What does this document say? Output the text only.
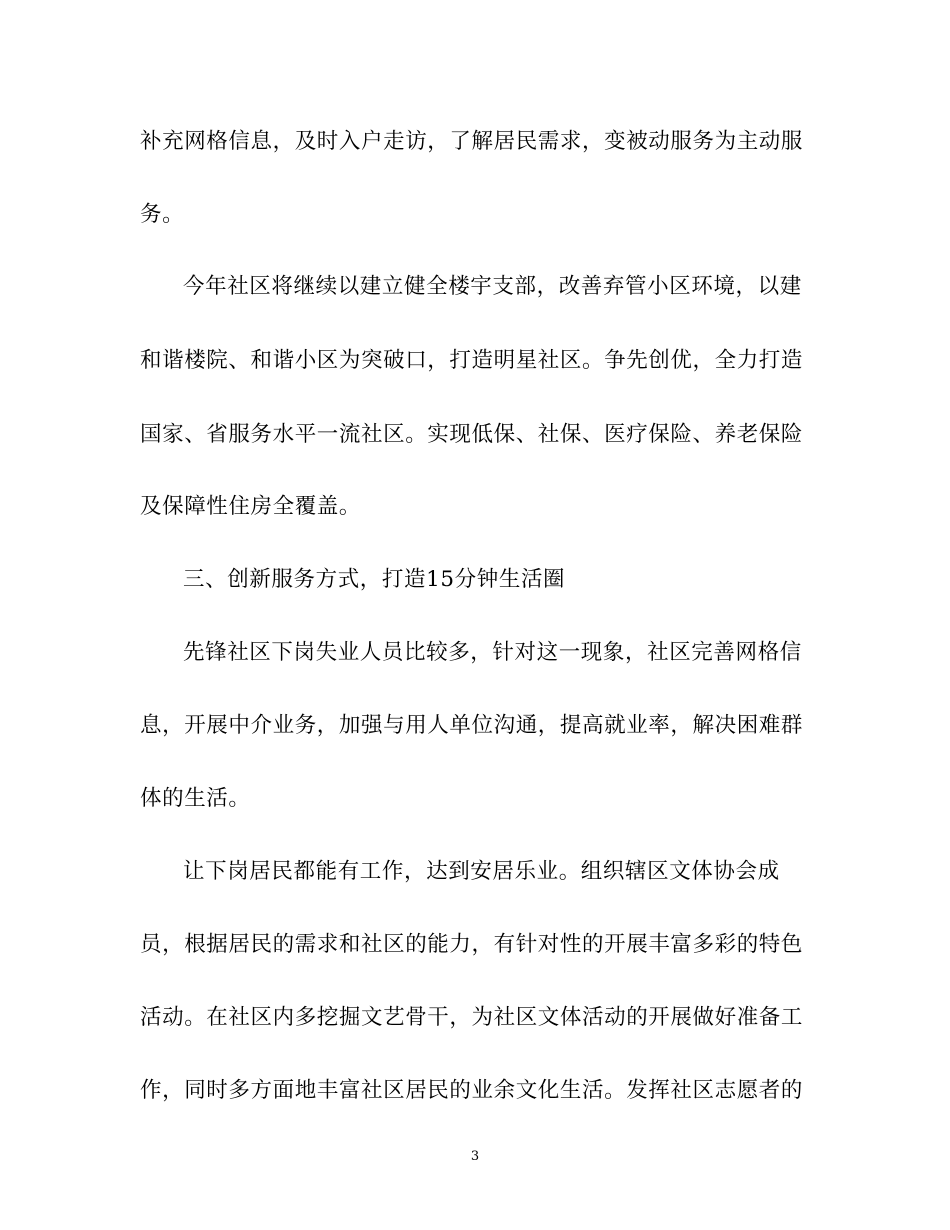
补充网格信息，及时入户走访，了解居民需求，变被动服务为主动服
务。
今年社区将继续以建立健全楼宇支部，改善弃管小区环境，以建
和谐楼院、和谐小区为突破口，打造明星社区。争先创优，全力打造
国家、省服务水平一流社区。实现低保、社保、医疗保险、养老保险
及保障性住房全覆盖。
三、创新服务方式，打造15分钟生活圈
先锋社区下岗失业人员比较多，针对这一现象，社区完善网格信
息，开展中介业务，加强与用人单位沟通，提高就业率，解决困难群
体的生活。
让下岗居民都能有工作，达到安居乐业。组织辖区文体协会成
员，根据居民的需求和社区的能力，有针对性的开展丰富多彩的特色
活动。在社区内多挖掘文艺骨干，为社区文体活动的开展做好准备工
作，同时多方面地丰富社区居民的业余文化生活。发挥社区志愿者的
3
